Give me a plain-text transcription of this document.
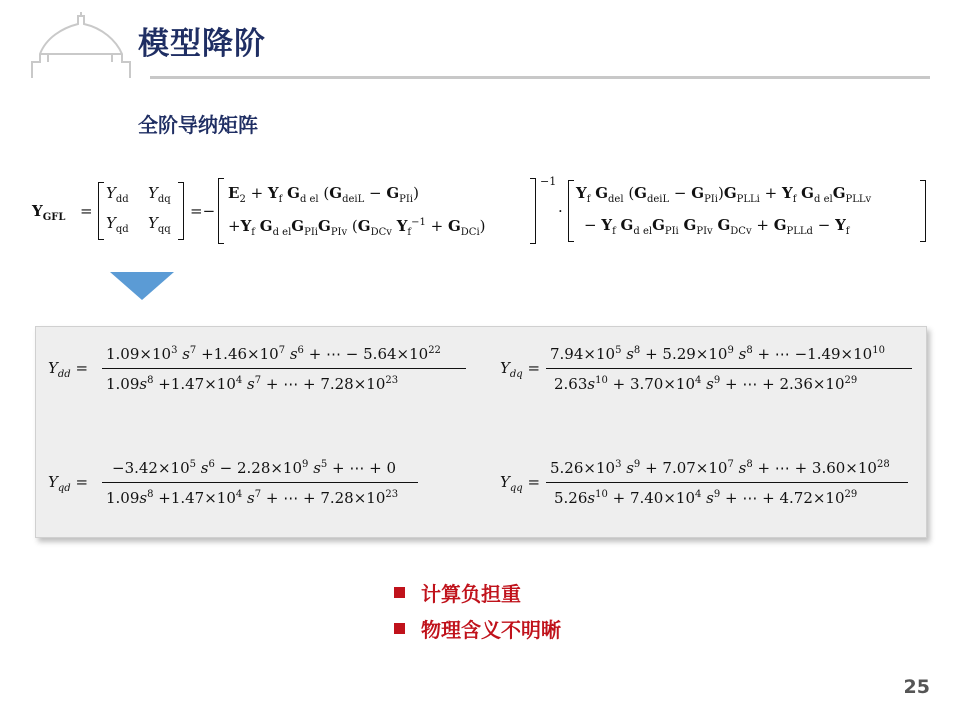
模型降阶
全阶导纳矩阵
$Y_{GFL}$ =
$Y_{dd}$ $Y_{dq}$
$Y_{qd}$ $Y_{qq}$
=−
$E_2 + Y_f$ $G_{d el}$ $(G_{deiL} - G_{PIi})$
$+Y_f$ $G_{d el}G_{PIi}G_{PIv}$ ($G_{DCv}$ $Y_f^{-1} + G_{DCi}$)
−1
·
$Y_f$ $G_{del}$ $(G_{deiL} - G_{PIi})G_{PLLi} + Y_f$ $G_{d el}G_{PLLv}$
− $Y_f$ $G_{d el}G_{PIi}$ $G_{PIv}$ $G_{DCv} + G_{PLLd} - Y_f$
$Y_{dd}$ =
$1.09\times 10^3$ $s^7 +1.46\times 10^7$ $s^6$ + ⋯ − $5.64\times 10^{22}$
$1.09s^8 +1.47\times 10^4$ $s^7$ + ⋯ + $7.28\times 10^{23}$
$Y_{dq}$ =
$7.94\times 10^5$ $s^8 + 5.29\times 10^9$ $s^8$ + ⋯ $-1.49\times 10^{10}$
$2.63s^{10} + 3.70\times 10^4$ $s^9$ + ⋯ + $2.36\times 10^{29}$
$Y_{qd}$ =
$-3.42\times 10^5$ $s^6 - 2.28\times 10^9$ $s^5$ + ⋯ + 0
$1.09s^8 +1.47\times 10^4$ $s^7$ + ⋯ + $7.28\times 10^{23}$
$Y_{qq}$ =
$5.26\times 10^3$ $s^9 + 7.07\times 10^7$ $s^8$ + ⋯ + $3.60\times 10^{28}$
$5.26s^{10} + 7.40\times 10^4$ $s^9$ + ⋯ + $4.72\times 10^{29}$
计算负担重
物理含义不明晰
25
